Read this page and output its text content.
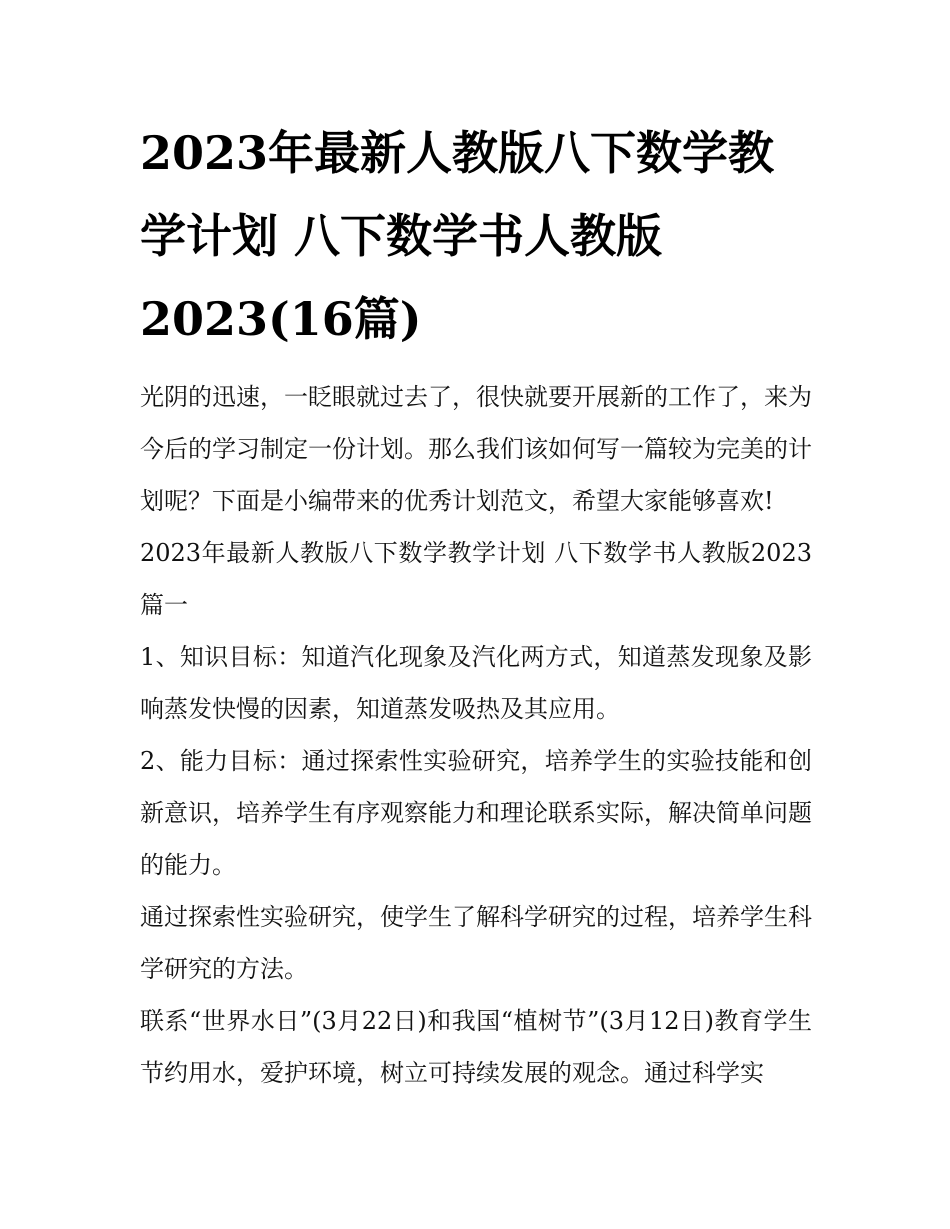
2023年最新人教版八下数学教学计划 八下数学书人教版2023(16篇)

光阴的迅速，一眨眼就过去了，很快就要开展新的工作了，来为今后的学习制定一份计划。那么我们该如何写一篇较为完美的计划呢？下面是小编带来的优秀计划范文，希望大家能够喜欢!

2023年最新人教版八下数学教学计划 八下数学书人教版2023篇一

1、知识目标：知道汽化现象及汽化两方式，知道蒸发现象及影响蒸发快慢的因素，知道蒸发吸热及其应用。

2、能力目标：通过探索性实验研究，培养学生的实验技能和创新意识，培养学生有序观察能力和理论联系实际，解决简单问题的能力。

通过探索性实验研究，使学生了解科学研究的过程，培养学生科学研究的方法。

联系“世界水日”(3月22日)和我国“植树节”(3月12日)教育学生节约用水，爱护环境，树立可持续发展的观念。通过科学实
